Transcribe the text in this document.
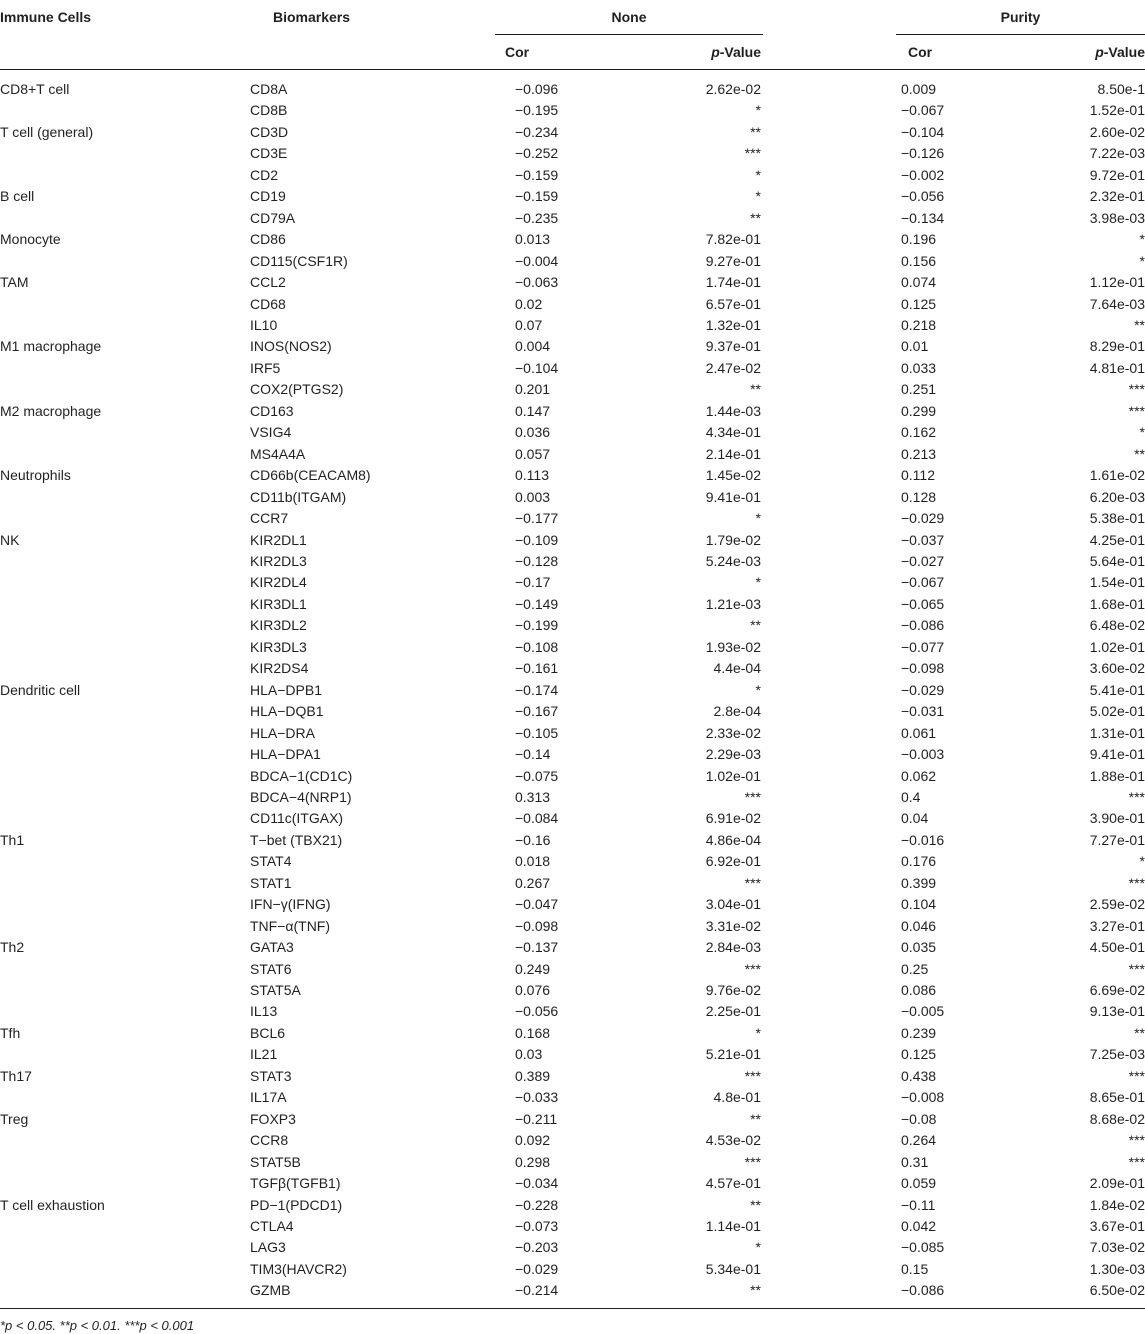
Immune Cells	Biomarkers	None			Purity	
		Cor	p-Value		Cor	p-Value
CD8+T cell	CD8A	−0.096	2.62e-02		0.009	8.50e-1
	CD8B	−0.195	*		−0.067	1.52e-01
T cell (general)	CD3D	−0.234	**		−0.104	2.60e-02
	CD3E	−0.252	***		−0.126	7.22e-03
	CD2	−0.159	*		−0.002	9.72e-01
B cell	CD19	−0.159	*		−0.056	2.32e-01
	CD79A	−0.235	**		−0.134	3.98e-03
Monocyte	CD86	0.013	7.82e-01		0.196	*
	CD115(CSF1R)	−0.004	9.27e-01		0.156	*
TAM	CCL2	−0.063	1.74e-01		0.074	1.12e-01
	CD68	0.02	6.57e-01		0.125	7.64e-03
	IL10	0.07	1.32e-01		0.218	**
M1 macrophage	INOS(NOS2)	0.004	9.37e-01		0.01	8.29e-01
	IRF5	−0.104	2.47e-02		0.033	4.81e-01
	COX2(PTGS2)	0.201	**		0.251	***
M2 macrophage	CD163	0.147	1.44e-03		0.299	***
	VSIG4	0.036	4.34e-01		0.162	*
	MS4A4A	0.057	2.14e-01		0.213	**
Neutrophils	CD66b(CEACAM8)	0.113	1.45e-02		0.112	1.61e-02
	CD11b(ITGAM)	0.003	9.41e-01		0.128	6.20e-03
	CCR7	−0.177	*		−0.029	5.38e-01
NK	KIR2DL1	−0.109	1.79e-02		−0.037	4.25e-01
	KIR2DL3	−0.128	5.24e-03		−0.027	5.64e-01
	KIR2DL4	−0.17	*		−0.067	1.54e-01
	KIR3DL1	−0.149	1.21e-03		−0.065	1.68e-01
	KIR3DL2	−0.199	**		−0.086	6.48e-02
	KIR3DL3	−0.108	1.93e-02		−0.077	1.02e-01
	KIR2DS4	−0.161	4.4e-04		−0.098	3.60e-02
Dendritic cell	HLA−DPB1	−0.174	*		−0.029	5.41e-01
	HLA−DQB1	−0.167	2.8e-04		−0.031	5.02e-01
	HLA−DRA	−0.105	2.33e-02		0.061	1.31e-01
	HLA−DPA1	−0.14	2.29e-03		−0.003	9.41e-01
	BDCA−1(CD1C)	−0.075	1.02e-01		0.062	1.88e-01
	BDCA−4(NRP1)	0.313	***		0.4	***
	CD11c(ITGAX)	−0.084	6.91e-02		0.04	3.90e-01
Th1	T−bet (TBX21)	−0.16	4.86e-04		−0.016	7.27e-01
	STAT4	0.018	6.92e-01		0.176	*
	STAT1	0.267	***		0.399	***
	IFN−γ(IFNG)	−0.047	3.04e-01		0.104	2.59e-02
	TNF−α(TNF)	−0.098	3.31e-02		0.046	3.27e-01
Th2	GATA3	−0.137	2.84e-03		0.035	4.50e-01
	STAT6	0.249	***		0.25	***
	STAT5A	0.076	9.76e-02		0.086	6.69e-02
	IL13	−0.056	2.25e-01		−0.005	9.13e-01
Tfh	BCL6	0.168	*		0.239	**
	IL21	0.03	5.21e-01		0.125	7.25e-03
Th17	STAT3	0.389	***		0.438	***
	IL17A	−0.033	4.8e-01		−0.008	8.65e-01
Treg	FOXP3	−0.211	**		−0.08	8.68e-02
	CCR8	0.092	4.53e-02		0.264	***
	STAT5B	0.298	***		0.31	***
	TGFβ(TGFB1)	−0.034	4.57e-01		0.059	2.09e-01
T cell exhaustion	PD−1(PDCD1)	−0.228	**		−0.11	1.84e-02
	CTLA4	−0.073	1.14e-01		0.042	3.67e-01
	LAG3	−0.203	*		−0.085	7.03e-02
	TIM3(HAVCR2)	−0.029	5.34e-01		0.15	1.30e-03
	GZMB	−0.214	**		−0.086	6.50e-02
*p < 0.05. **p < 0.01. ***p < 0.001
